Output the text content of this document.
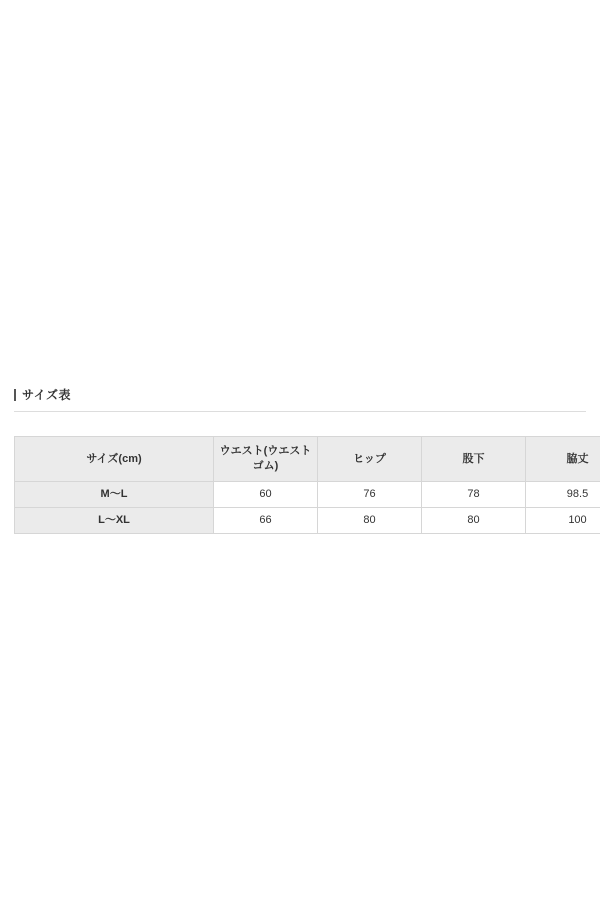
サイズ表
サイズ(cm)	ウエスト(ウエストゴム)	ヒップ	股下	脇丈
M〜L	60	76	78	98.5
L〜XL	66	80	80	100
